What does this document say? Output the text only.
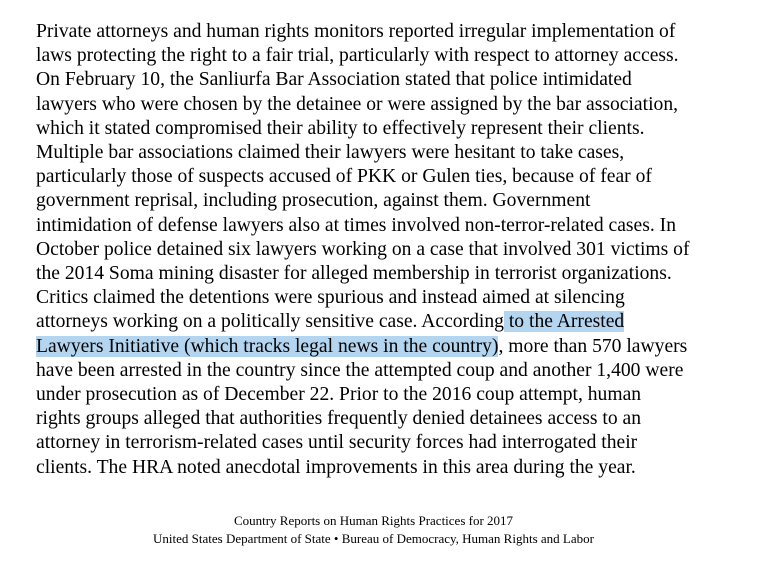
Private attorneys and human rights monitors reported irregular implementation of
laws protecting the right to a fair trial, particularly with respect to attorney access.
On February 10, the Sanliurfa Bar Association stated that police intimidated
lawyers who were chosen by the detainee or were assigned by the bar association,
which it stated compromised their ability to effectively represent their clients.
Multiple bar associations claimed their lawyers were hesitant to take cases,
particularly those of suspects accused of PKK or Gulen ties, because of fear of
government reprisal, including prosecution, against them. Government
intimidation of defense lawyers also at times involved non-terror-related cases. In
October police detained six lawyers working on a case that involved 301 victims of
the 2014 Soma mining disaster for alleged membership in terrorist organizations.
Critics claimed the detentions were spurious and instead aimed at silencing
attorneys working on a politically sensitive case. According to the Arrested
Lawyers Initiative (which tracks legal news in the country), more than 570 lawyers
have been arrested in the country since the attempted coup and another 1,400 were
under prosecution as of December 22. Prior to the 2016 coup attempt, human
rights groups alleged that authorities frequently denied detainees access to an
attorney in terrorism-related cases until security forces had interrogated their
clients. The HRA noted anecdotal improvements in this area during the year.
Country Reports on Human Rights Practices for 2017
United States Department of State • Bureau of Democracy, Human Rights and Labor
